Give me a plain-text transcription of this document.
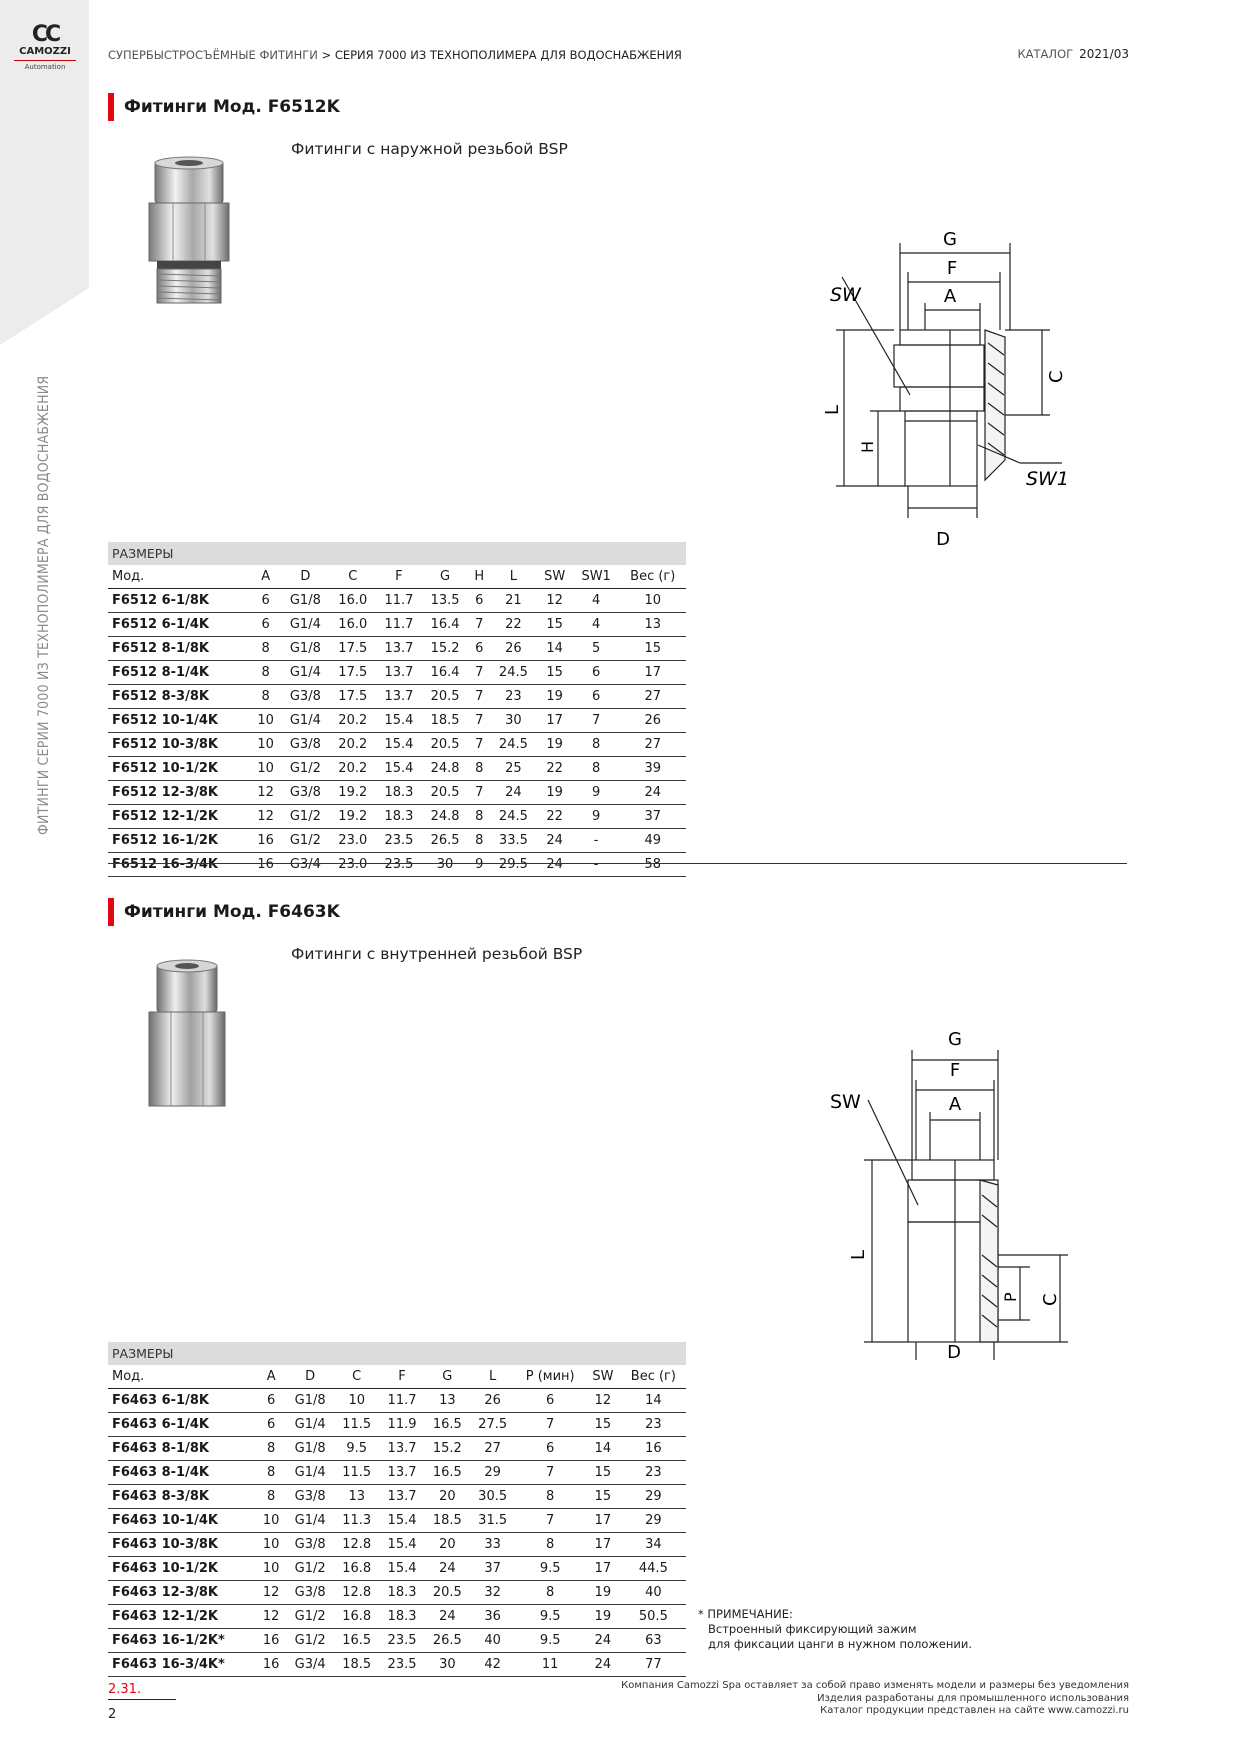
CC
CAMOZZI
Automation
ФИТИНГИ СЕРИИ 7000 ИЗ ТЕХНОПОЛИМЕРА ДЛЯ ВОДОСНАБЖЕНИЯ
СУПЕРБЫСТРОСЪЁМНЫЕ ФИТИНГИ > СЕРИЯ 7000 ИЗ ТЕХНОПОЛИМЕРА ДЛЯ ВОДОСНАБЖЕНИЯ	КАТАЛОГ 2021/03
Фитинги Мод. F6512K
Фитинги с наружной резьбой BSP
G
F
A
SW
L
C
H
SW1
D
РАЗМЕРЫ										
Мод.	A	D	C	F	G	H	L	SW	SW1	Вес (г)
F6512 6-1/8K	6	G1/8	16.0	11.7	13.5	6	21	12	4	10
F6512 6-1/4K	6	G1/4	16.0	11.7	16.4	7	22	15	4	13
F6512 8-1/8K	8	G1/8	17.5	13.7	15.2	6	26	14	5	15
F6512 8-1/4K	8	G1/4	17.5	13.7	16.4	7	24.5	15	6	17
F6512 8-3/8K	8	G3/8	17.5	13.7	20.5	7	23	19	6	27
F6512 10-1/4K	10	G1/4	20.2	15.4	18.5	7	30	17	7	26
F6512 10-3/8K	10	G3/8	20.2	15.4	20.5	7	24.5	19	8	27
F6512 10-1/2K	10	G1/2	20.2	15.4	24.8	8	25	22	8	39
F6512 12-3/8K	12	G3/8	19.2	18.3	20.5	7	24	19	9	24
F6512 12-1/2K	12	G1/2	19.2	18.3	24.8	8	24.5	22	9	37
F6512 16-1/2K	16	G1/2	23.0	23.5	26.5	8	33.5	24	-	49
F6512 16-3/4K	16	G3/4	23.0	23.5	30	9	29.5	24	-	58
Фитинги Мод. F6463K
Фитинги с внутренней резьбой BSP
G
F
A
SW
L
P C
D
РАЗМЕРЫ									
Мод.	A	D	C	F	G	L	P (мин)	SW	Вес (г)
F6463 6-1/8K	6	G1/8	10	11.7	13	26	6	12	14
F6463 6-1/4K	6	G1/4	11.5	11.9	16.5	27.5	7	15	23
F6463 8-1/8K	8	G1/8	9.5	13.7	15.2	27	6	14	16
F6463 8-1/4K	8	G1/4	11.5	13.7	16.5	29	7	15	23
F6463 8-3/8K	8	G3/8	13	13.7	20	30.5	8	15	29
F6463 10-1/4K	10	G1/4	11.3	15.4	18.5	31.5	7	17	29
F6463 10-3/8K	10	G3/8	12.8	15.4	20	33	8	17	34
F6463 10-1/2K	10	G1/2	16.8	15.4	24	37	9.5	17	44.5
F6463 12-3/8K	12	G3/8	12.8	18.3	20.5	32	8	19	40
F6463 12-1/2K	12	G1/2	16.8	18.3	24	36	9.5	19	50.5
F6463 16-1/2K*	16	G1/2	16.5	23.5	26.5	40	9.5	24	63
F6463 16-3/4K*	16	G3/4	18.5	23.5	30	42	11	24	77
* ПРИМЕЧАНИЕ:
Встроенный фиксирующий зажим
для фиксации цанги в нужном положении.
2.31.
2
Компания Camozzi Spa оставляет за собой право изменять модели и размеры без уведомления
Изделия разработаны для промышленного использования
Каталог продукции представлен на сайте www.camozzi.ru
